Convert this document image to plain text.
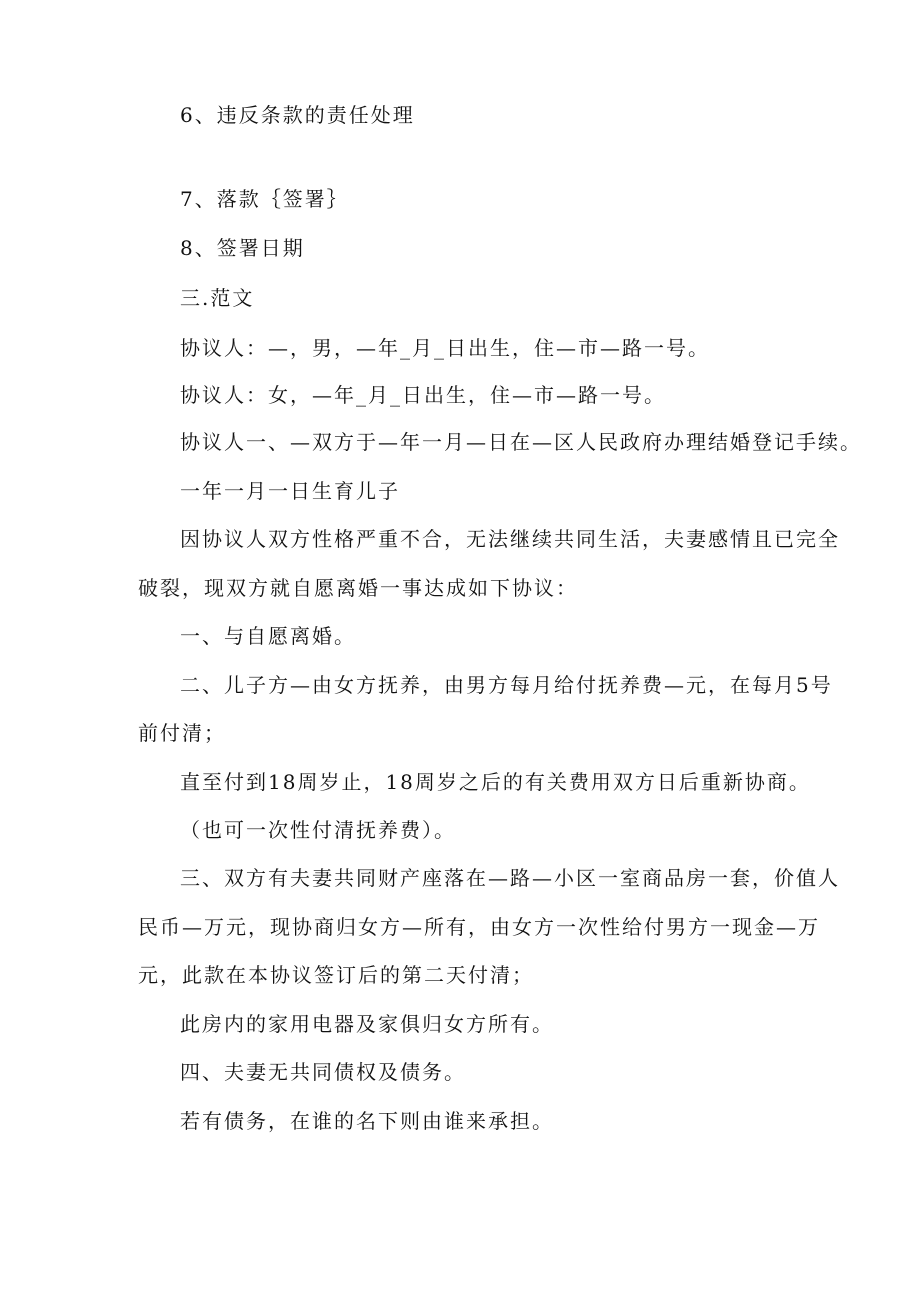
6、违反条款的责任处理
7、落款｛签署｝
8、签署日期
三.范文
协议人：—，男，—年_月_日出生，住—市—路一号。
协议人：女，—年_月_日出生，住—市—路一号。
协议人一、—双方于—年一月—日在—区人民政府办理结婚登记手续。
一年一月一日生育儿子
因协议人双方性格严重不合，无法继续共同生活，夫妻感情且已完全
破裂，现双方就自愿离婚一事达成如下协议：
一、与自愿离婚。
二、儿子方—由女方抚养，由男方每月给付抚养费—元，在每月5号
前付清；
直至付到18周岁止，18周岁之后的有关费用双方日后重新协商。
（也可一次性付清抚养费）。
三、双方有夫妻共同财产座落在—路—小区一室商品房一套，价值人
民币—万元，现协商归女方—所有，由女方一次性给付男方一现金—万
元，此款在本协议签订后的第二天付清；
此房内的家用电器及家俱归女方所有。
四、夫妻无共同债权及债务。
若有债务，在谁的名下则由谁来承担。
